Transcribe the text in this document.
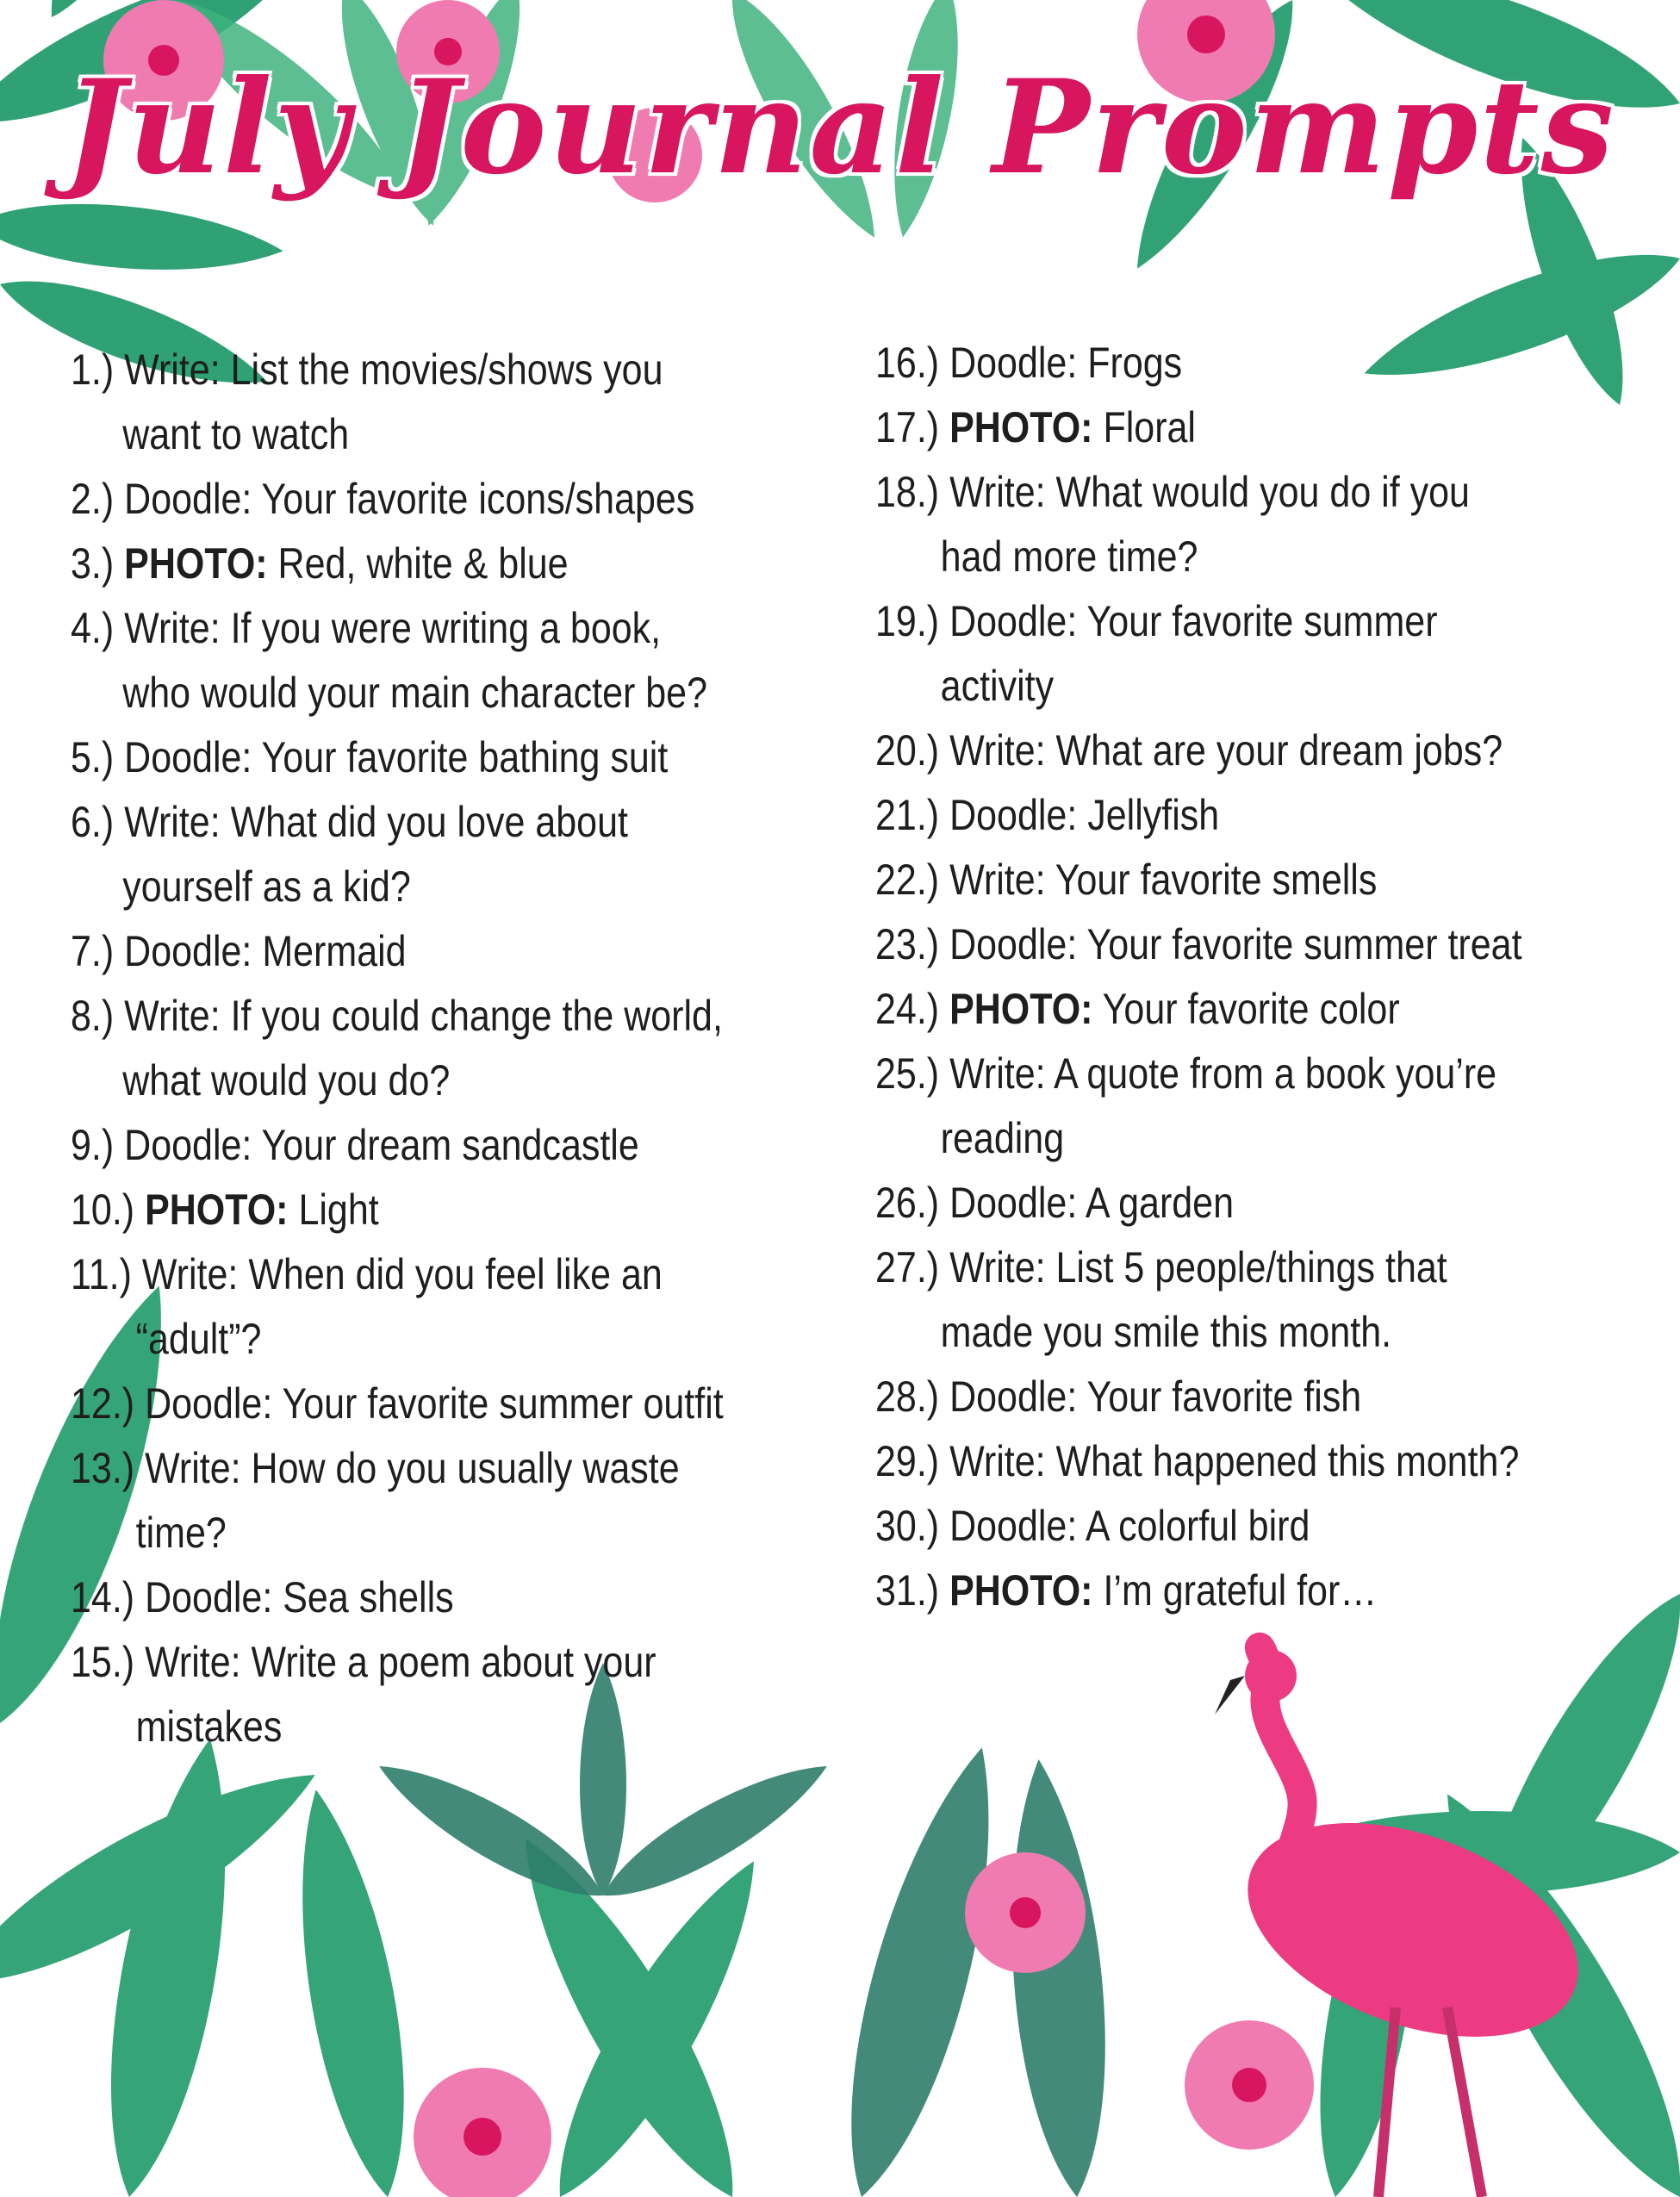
July Journal Prompts
1.) Write: List the movies/shows you
want to watch
2.) Doodle: Your favorite icons/shapes
3.) PHOTO: Red, white & blue
4.) Write: If you were writing a book,
who would your main character be?
5.) Doodle: Your favorite bathing suit
6.) Write: What did you love about
yourself as a kid?
7.) Doodle: Mermaid
8.) Write: If you could change the world,
what would you do?
9.) Doodle: Your dream sandcastle
10.) PHOTO: Light
11.) Write: When did you feel like an
“adult”?
12.) Doodle: Your favorite summer outfit
13.) Write: How do you usually waste
time?
14.) Doodle: Sea shells
15.) Write: Write a poem about your
mistakes
16.) Doodle: Frogs
17.) PHOTO: Floral
18.) Write: What would you do if you
had more time?
19.) Doodle: Your favorite summer
activity
20.) Write: What are your dream jobs?
21.) Doodle: Jellyfish
22.) Write: Your favorite smells
23.) Doodle: Your favorite summer treat
24.) PHOTO: Your favorite color
25.) Write: A quote from a book you’re
reading
26.) Doodle: A garden
27.) Write: List 5 people/things that
made you smile this month.
28.) Doodle: Your favorite fish
29.) Write: What happened this month?
30.) Doodle: A colorful bird
31.) PHOTO: I’m grateful for…
